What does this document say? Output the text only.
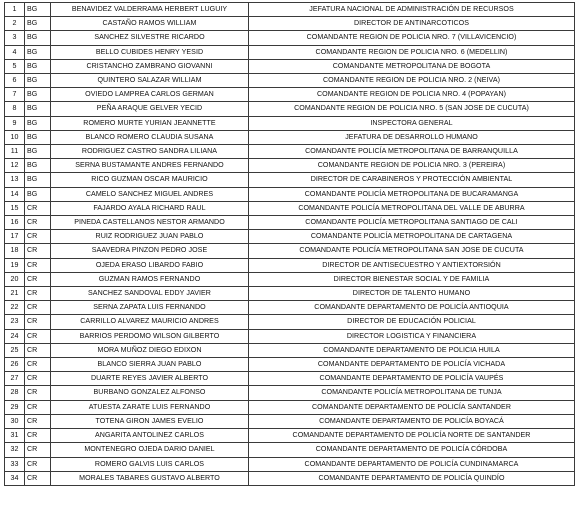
1	BG	BENAVIDEZ VALDERRAMA HERBERT LUGUIY	JEFATURA NACIONAL DE ADMINISTRACIÓN DE RECURSOS
2	BG	CASTAÑO RAMOS WILLIAM	DIRECTOR DE ANTINARCOTICOS
3	BG	SANCHEZ SILVESTRE RICARDO	COMANDANTE REGION DE POLICIA NRO. 7 (VILLAVICENCIO)
4	BG	BELLO CUBIDES HENRY YESID	COMANDANTE REGION DE POLICIA NRO. 6 (MEDELLIN)
5	BG	CRISTANCHO ZAMBRANO GIOVANNI	COMANDANTE METROPOLITANA DE BOGOTA
6	BG	QUINTERO SALAZAR WILLIAM	COMANDANTE REGION DE POLICIA NRO. 2 (NEIVA)
7	BG	OVIEDO LAMPREA CARLOS GERMAN	COMANDANTE REGION DE POLICIA NRO. 4 (POPAYAN)
8	BG	PEÑA ARAQUE GELVER YECID	COMANDANTE REGION DE POLICIA NRO. 5 (SAN JOSE DE CUCUTA)
9	BG	ROMERO MURTE YURIAN JEANNETTE	INSPECTORA GENERAL
10	BG	BLANCO ROMERO CLAUDIA SUSANA	JEFATURA DE DESARROLLO HUMANO
11	BG	RODRIGUEZ CASTRO SANDRA LILIANA	COMANDANTE POLICÍA METROPOLITANA DE BARRANQUILLA
12	BG	SERNA BUSTAMANTE ANDRES FERNANDO	COMANDANTE REGION DE POLICIA NRO. 3 (PEREIRA)
13	BG	RICO GUZMAN OSCAR MAURICIO	DIRECTOR DE CARABINEROS Y PROTECCIÓN AMBIENTAL
14	BG	CAMELO SANCHEZ MIGUEL ANDRES	COMANDANTE POLICÍA METROPOLITANA DE BUCARAMANGA
15	CR	FAJARDO AYALA RICHARD RAUL	COMANDANTE POLICÍA METROPOLITANA DEL VALLE DE ABURRA
16	CR	PINEDA CASTELLANOS NESTOR ARMANDO	COMANDANTE POLICÍA METROPOLITANA SANTIAGO DE CALI
17	CR	RUIZ RODRIGUEZ JUAN PABLO	COMANDANTE POLICÍA METROPOLITANA DE CARTAGENA
18	CR	SAAVEDRA PINZON PEDRO JOSE	COMANDANTE POLICÍA METROPOLITANA SAN JOSE DE CUCUTA
19	CR	OJEDA ERASO LIBARDO FABIO	DIRECTOR DE ANTISECUESTRO Y ANTIEXTORSIÓN
20	CR	GUZMAN RAMOS FERNANDO	DIRECTOR BIENESTAR SOCIAL Y DE FAMILIA
21	CR	SANCHEZ SANDOVAL EDDY JAVIER	DIRECTOR DE TALENTO HUMANO
22	CR	SERNA ZAPATA LUIS FERNANDO	COMANDANTE DEPARTAMENTO DE POLICÍA ANTIOQUIA
23	CR	CARRILLO ALVAREZ MAURICIO ANDRES	DIRECTOR DE EDUCACIÓN POLICIAL
24	CR	BARRIOS PERDOMO WILSON GILBERTO	DIRECTOR LOGISTICA Y FINANCIERA
25	CR	MORA MUÑOZ DIEGO EDIXON	COMANDANTE DEPARTAMENTO DE POLICIA HUILA
26	CR	BLANCO SIERRA JUAN PABLO	COMANDANTE DEPARTAMENTO DE POLICÍA VICHADA
27	CR	DUARTE REYES JAVIER ALBERTO	COMANDANTE DEPARTAMENTO DE POLICÍA VAUPÉS
28	CR	BURBANO GONZALEZ ALFONSO	COMANDANTE POLICÍA METROPOLITANA DE TUNJA
29	CR	ATUESTA ZARATE LUIS FERNANDO	COMANDANTE DEPARTAMENTO DE POLICÍA SANTANDER
30	CR	TOTENA GIRON JAMES EVELIO	COMANDANTE DEPARTAMENTO DE POLICÍA BOYACÁ
31	CR	ANGARITA ANTOLINEZ CARLOS	COMANDANTE DEPARTAMENTO DE POLICÍA NORTE DE SANTANDER
32	CR	MONTENEGRO OJEDA DARIO DANIEL	COMANDANTE DEPARTAMENTO DE POLICÍA CÓRDOBA
33	CR	ROMERO GALVIS LUIS CARLOS	COMANDANTE DEPARTAMENTO DE POLICÍA CUNDINAMARCA
34	CR	MORALES TABARES GUSTAVO ALBERTO	COMANDANTE DEPARTAMENTO DE POLICÍA QUINDÍO
